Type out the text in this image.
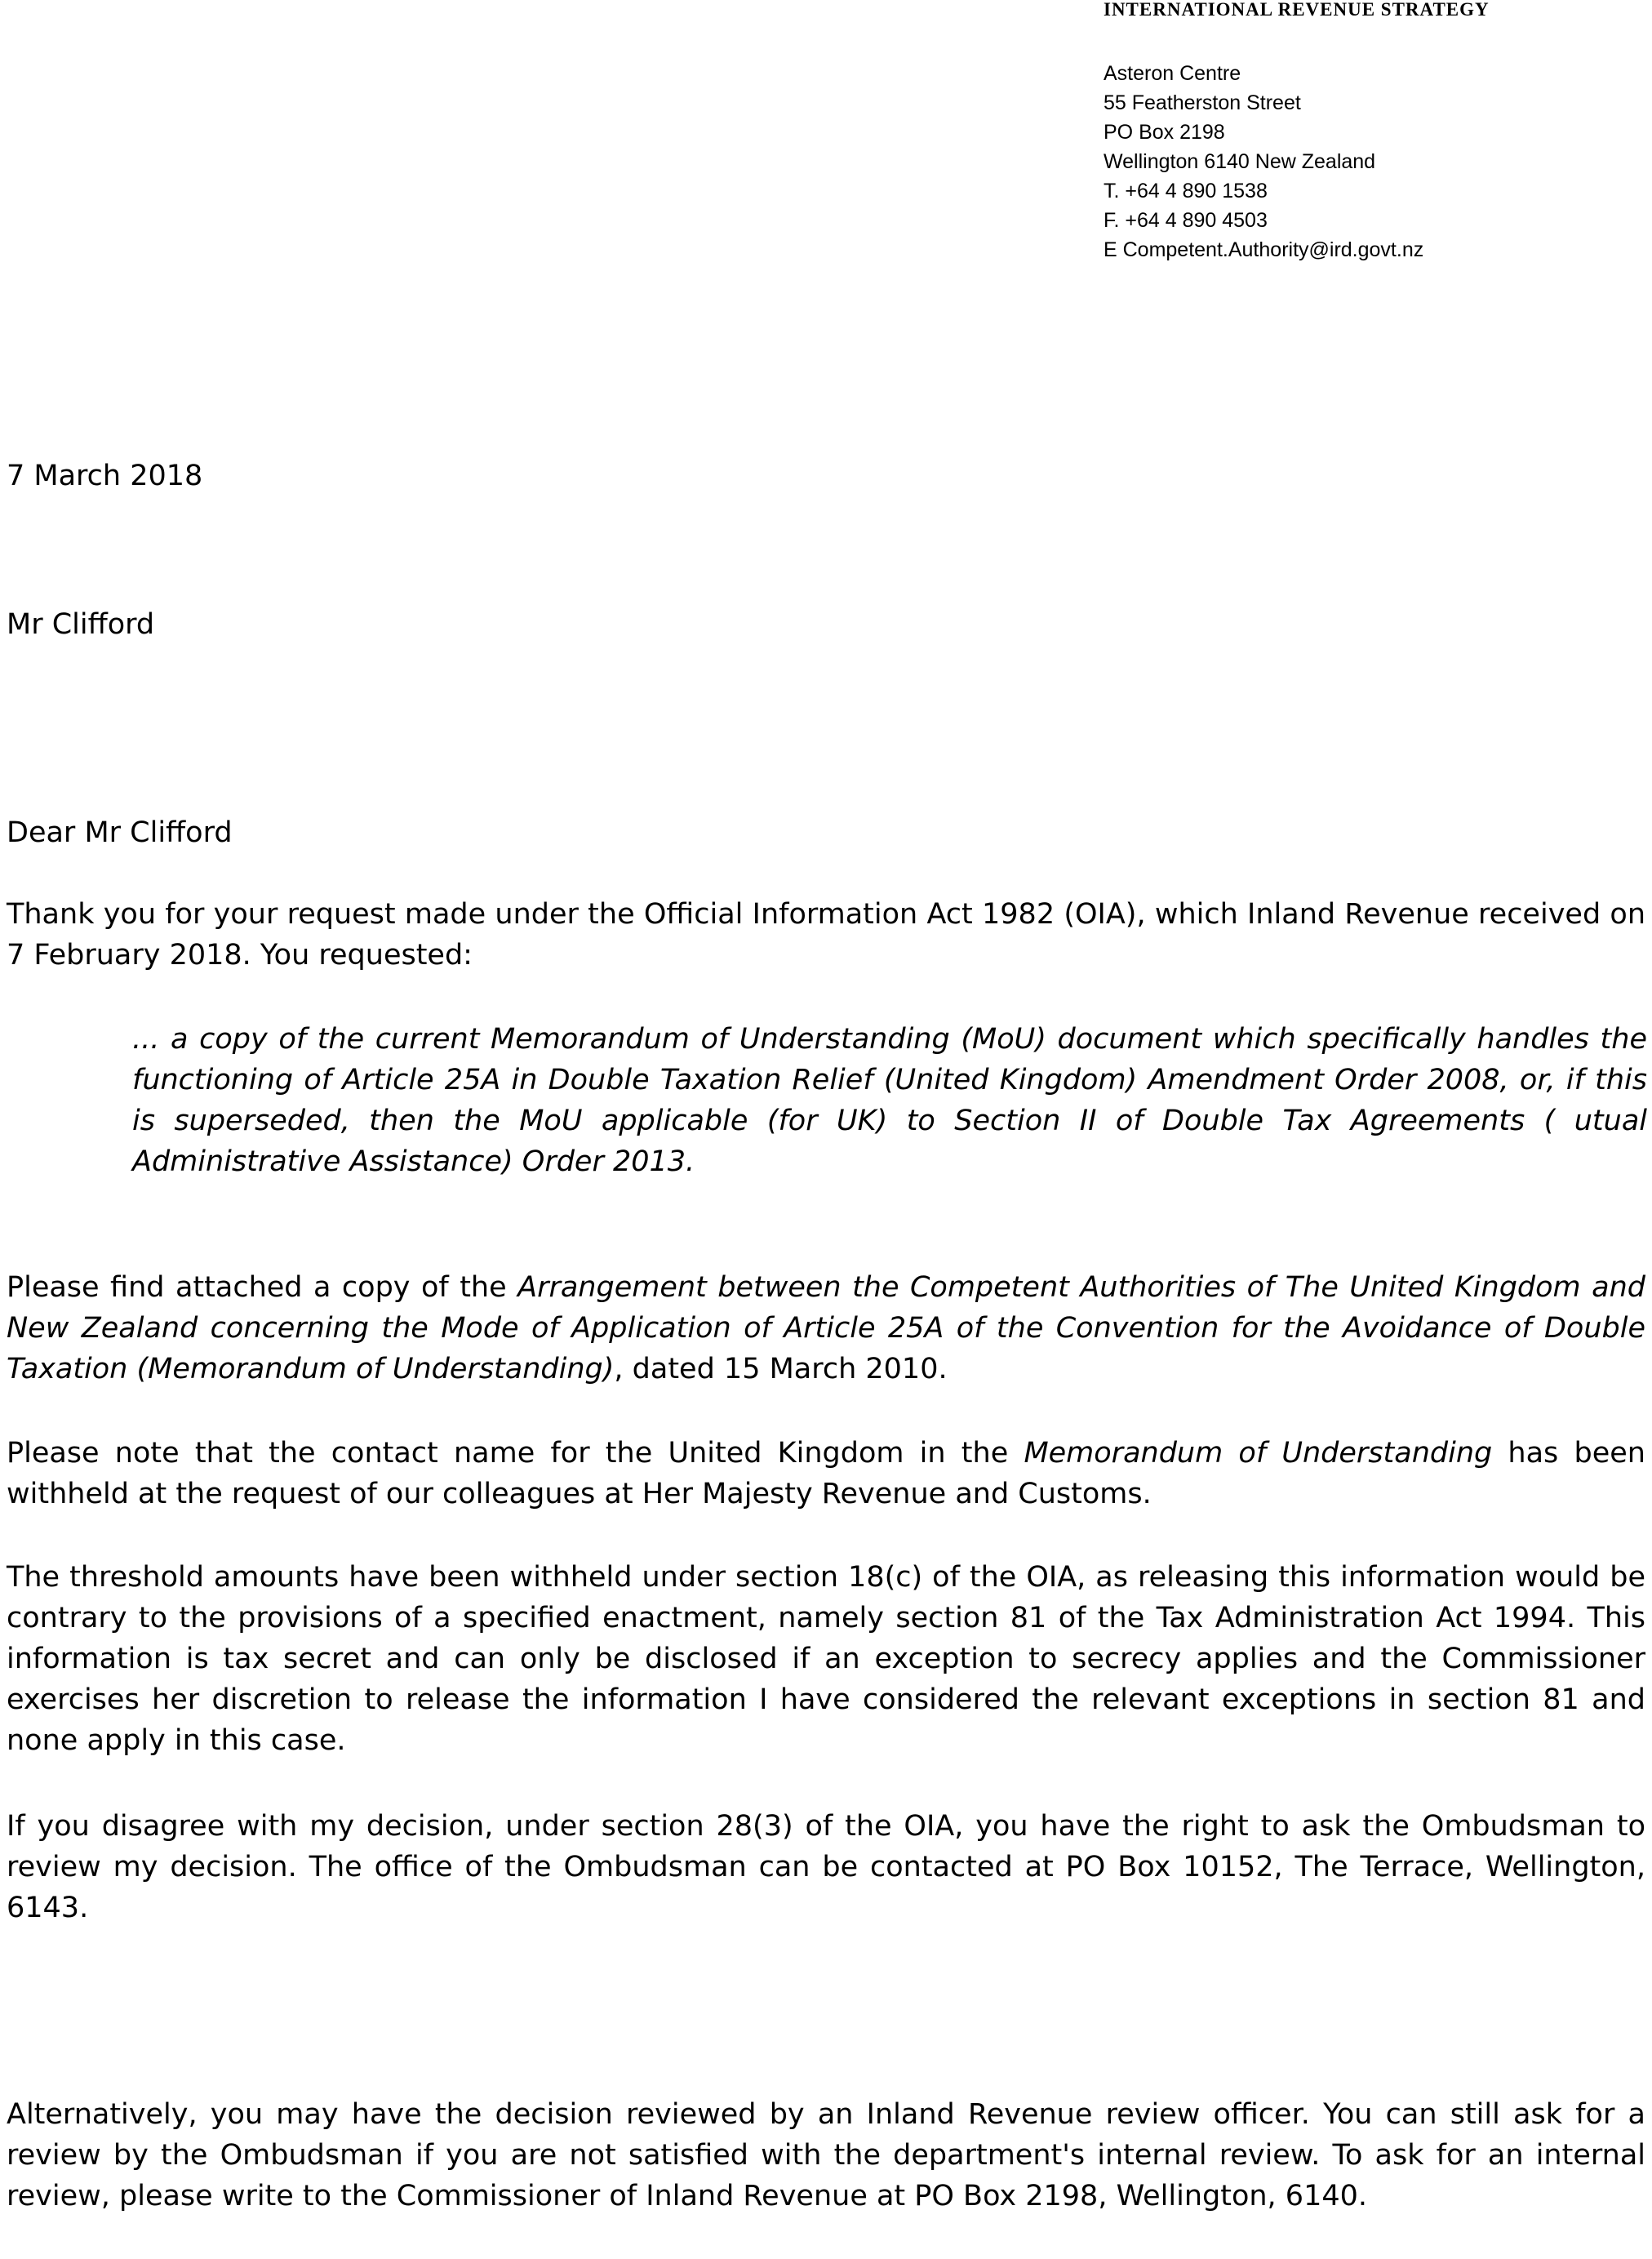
INTERNATIONAL REVENUE STRATEGY
Asteron Centre
55 Featherston Street
PO Box 2198
Wellington 6140 New Zealand
T. +64 4 890 1538
F. +64 4 890 4503
E Competent.Authority@ird.govt.nz
7 March 2018
Mr Clifford
Dear Mr Clifford

Thank you for your request made under the Official Information Act 1982 (OIA), which Inland Revenue received on 7 February 2018. You requested:

... a copy of the current Memorandum of Understanding (MoU) document which specifically handles the functioning of Article 25A in Double Taxation Relief (United Kingdom) Amendment Order 2008, or, if this is superseded, then the MoU applicable (for UK) to Section II of Double Tax Agreements ( utual Administrative Assistance) Order 2013.

Please find attached a copy of the Arrangement between the Competent Authorities of The United Kingdom and New Zealand concerning the Mode of Application of Article 25A of the Convention for the Avoidance of Double Taxation (Memorandum of Understanding), dated 15 March 2010.

Please note that the contact name for the United Kingdom in the Memorandum of Understanding has been withheld at the request of our colleagues at Her Majesty Revenue and Customs.

The threshold amounts have been withheld under section 18(c) of the OIA, as releasing this information would be contrary to the provisions of a specified enactment, namely section 81 of the Tax Administration Act 1994. This information is tax secret and can only be disclosed if an exception to secrecy applies and the Commissioner exercises her discretion to release the information I have considered the relevant exceptions in section 81 and none apply in this case.

If you disagree with my decision, under section 28(3) of the OIA, you have the right to ask the Ombudsman to review my decision. The office of the Ombudsman can be contacted at PO Box 10152, The Terrace, Wellington, 6143.

Alternatively, you may have the decision reviewed by an Inland Revenue review officer. You can still ask for a review by the Ombudsman if you are not satisfied with the department's internal review. To ask for an internal review, please write to the Commissioner of Inland Revenue at PO Box 2198, Wellington, 6140.
